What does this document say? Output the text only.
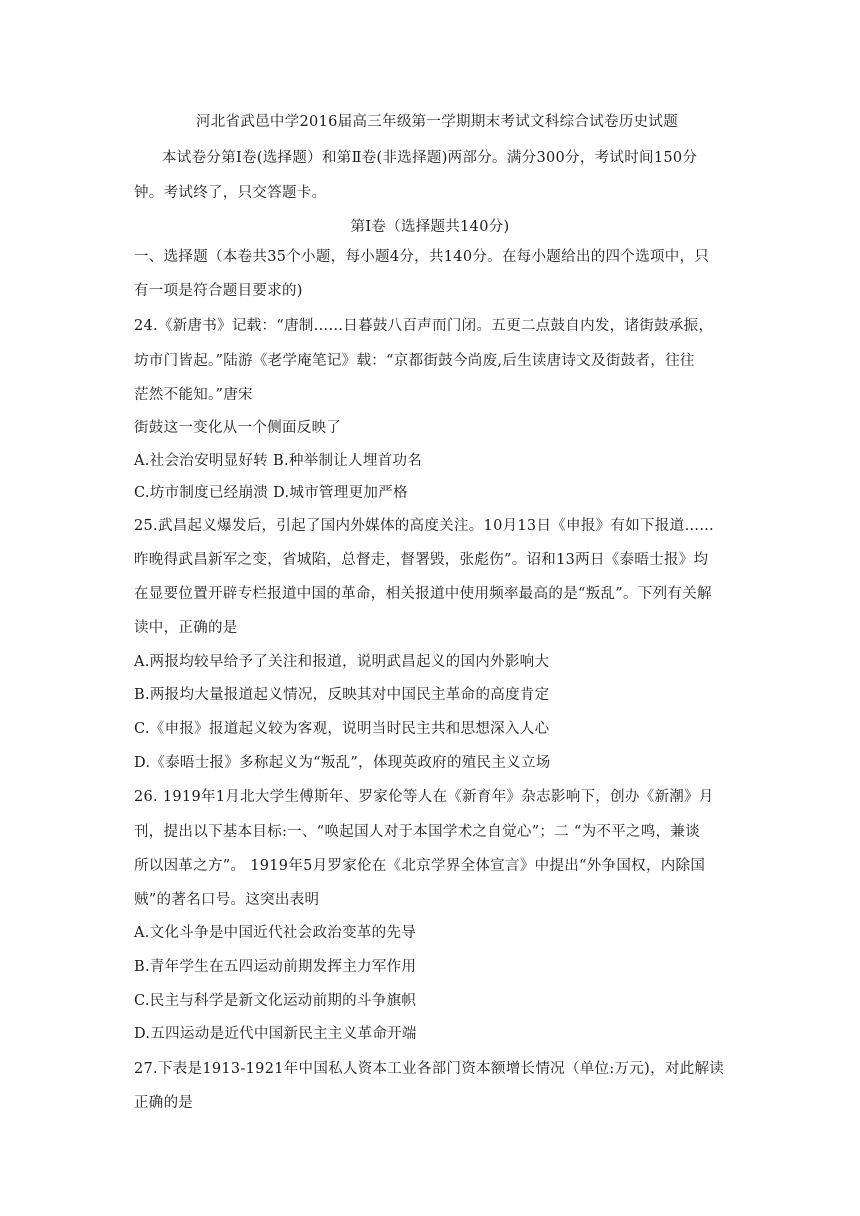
河北省武邑中学2016届高三年级第一学期期末考试文科综合试卷历史试题
本试卷分第Ⅰ卷(选择题）和第Ⅱ卷(非选择题)两部分。满分300分，考试时间150分
钟。考试终了，只交答题卡。
第Ⅰ卷（选择题共140分)
一、选择题（本卷共35个小题，每小题4分，共140分。在每小题给出的四个选项中，只
有一项是符合题目要求的)
24.《新唐书》记载：“唐制……日暮鼓八百声而门闭。五更二点鼓自内发，诸街鼓承振，
坊市门皆起。”陆游《老学庵笔记》载：“京都街鼓今尚废,后生读唐诗文及街鼓者，往往
茫然不能知。”唐宋
街鼓这一变化从一个侧面反映了
A.社会治安明显好转 B.种举制让人埋首功名
C.坊市制度已经崩溃 D.城市管理更加严格
25.武昌起义爆发后，引起了国内外媒体的高度关注。10月13日《申报》有如下报道……
昨晚得武昌新军之变，省城陷，总督走，督署毁，张彪伤”。诏和13两日《泰晤士报》均
在显要位置开辟专栏报道中国的革命，相关报道中使用频率最高的是“叛乱”。下列有关解
读中，正确的是
A.两报均较早给予了关注和报道，说明武昌起义的国内外影响大
B.两报均大量报道起义情况，反映其对中国民主革命的高度肯定
C.《申报》报道起义较为客观，说明当时民主共和思想深入人心
D.《泰晤士报》多称起义为“叛乱”，体现英政府的殖民主义立场
26. 1919年1月北大学生傅斯年、罗家伦等人在《新育年》杂志影响下，创办《新潮》月
刊，提出以下基本目标:一、“唤起国人对于本国学术之自觉心”；二 “为不平之鸣，兼谈
所以因革之方”。 1919年5月罗家伦在《北京学界全体宣言》中提出“外争国权，内除国
贼”的著名口号。这突出表明
A.文化斗争是中国近代社会政治变革的先导
B.青年学生在五四运动前期发挥主力军作用
C.民主与科学是新文化运动前期的斗争旗帜
D.五四运动是近代中国新民主主义革命开端
27.下表是1913-1921年中国私人资本工业各部门资本额增长情况（单位:万元)，对此解读
正确的是
